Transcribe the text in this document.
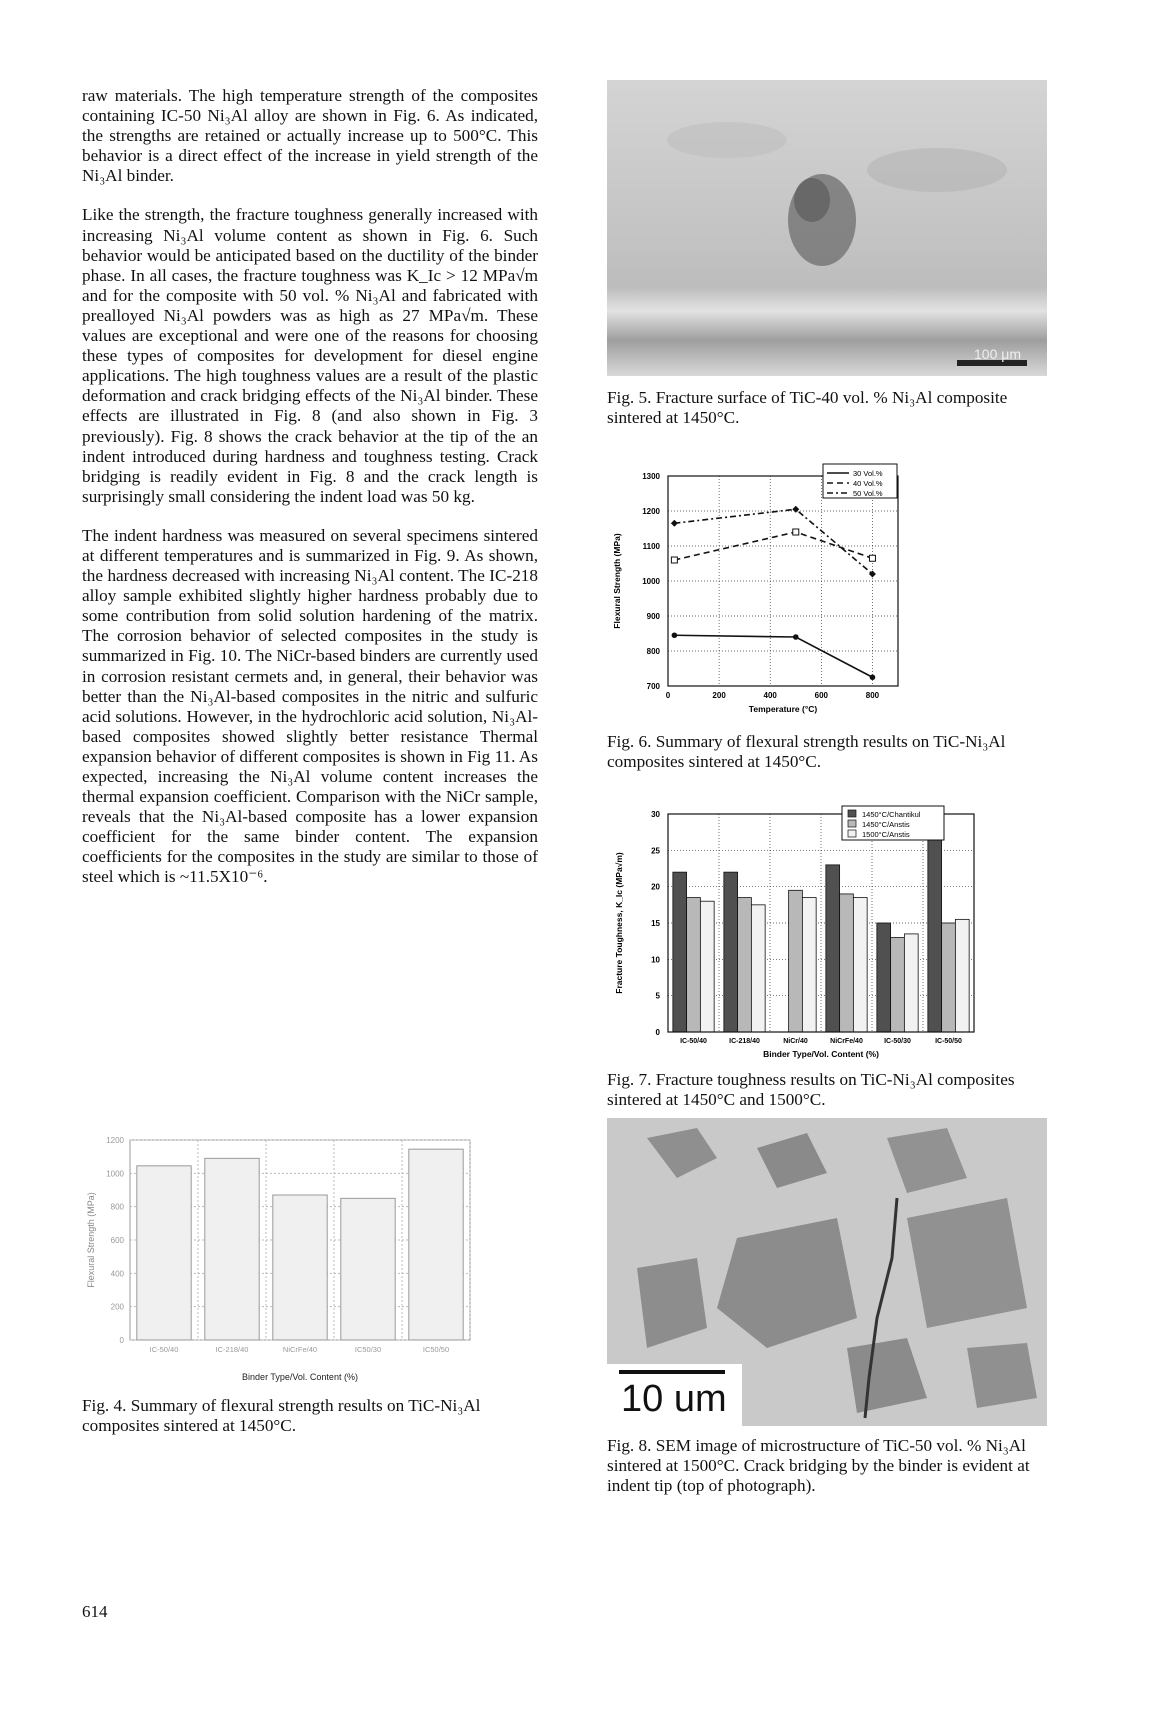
raw materials. The high temperature strength of the composites containing IC-50 Ni₃Al alloy are shown in Fig. 6. As indicated, the strengths are retained or actually increase up to 500°C. This behavior is a direct effect of the increase in yield strength of the Ni₃Al binder.

Like the strength, the fracture toughness generally increased with increasing Ni₃Al volume content as shown in Fig. 6. Such behavior would be anticipated based on the ductility of the binder phase. In all cases, the fracture toughness was K_Ic > 12 MPa√m and for the composite with 50 vol. % Ni₃Al and fabricated with prealloyed Ni₃Al powders was as high as 27 MPa√m. These values are exceptional and were one of the reasons for choosing these types of composites for development for diesel engine applications. The high toughness values are a result of the plastic deformation and crack bridging effects of the Ni₃Al binder. These effects are illustrated in Fig. 8 (and also shown in Fig. 3 previously). Fig. 8 shows the crack behavior at the tip of the an indent introduced during hardness and toughness testing. Crack bridging is readily evident in Fig. 8 and the crack length is surprisingly small considering the indent load was 50 kg.

The indent hardness was measured on several specimens sintered at different temperatures and is summarized in Fig. 9. As shown, the hardness decreased with increasing Ni₃Al content. The IC-218 alloy sample exhibited slightly higher hardness probably due to some contribution from solid solution hardening of the matrix. The corrosion behavior of selected composites in the study is summarized in Fig. 10. The NiCr-based binders are currently used in corrosion resistant cermets and, in general, their behavior was better than the Ni₃Al-based composites in the nitric and sulfuric acid solutions. However, in the hydrochloric acid solution, Ni₃Al-based composites showed slightly better resistance Thermal expansion behavior of different composites is shown in Fig 11. As expected, increasing the Ni₃Al volume content increases the thermal expansion coefficient. Comparison with the NiCr sample, reveals that the Ni₃Al-based composite has a lower expansion coefficient for the same binder content. The expansion coefficients for the composites in the study are similar to those of steel which is ~11.5X10⁻⁶.

0
200
400
600
800
1000
1200
IC-50/40	IC-218/40	NiCrFe/40	IC50/30	IC50/50
Binder Type/Vol. Content (%)
Flexural Strength (MPa)
Fig. 4. Summary of flexural strength results on TiC-Ni₃Al composites sintered at 1450°C.
100 μm
Fig. 5. Fracture surface of TiC-40 vol. % Ni₃Al composite sintered at 1450°C.
700
800
900
1000
1100
1200
1300
0	200	400	600	800
30 Vol.%
40 Vol.%
50 Vol.%
Temperature (°C)
Flexural Strength (MPa)
Fig. 6. Summary of flexural strength results on TiC-Ni₃Al composites sintered at 1450°C.
0
5
10
15
20
25
30
IC-50/40	IC-218/40	NiCr/40	NiCrFe/40	IC-50/30	IC-50/50
1450°C/Chantikul
1450°C/Anstis
1500°C/Anstis
Binder Type/Vol. Content (%)
Fracture Toughness, K_Ic (MPa√m)
Fig. 7. Fracture toughness results on TiC-Ni₃Al composites sintered at 1450°C and 1500°C.
10 um
Fig. 8. SEM image of microstructure of TiC-50 vol. % Ni₃Al sintered at 1500°C. Crack bridging by the binder is evident at indent tip (top of photograph).
614
